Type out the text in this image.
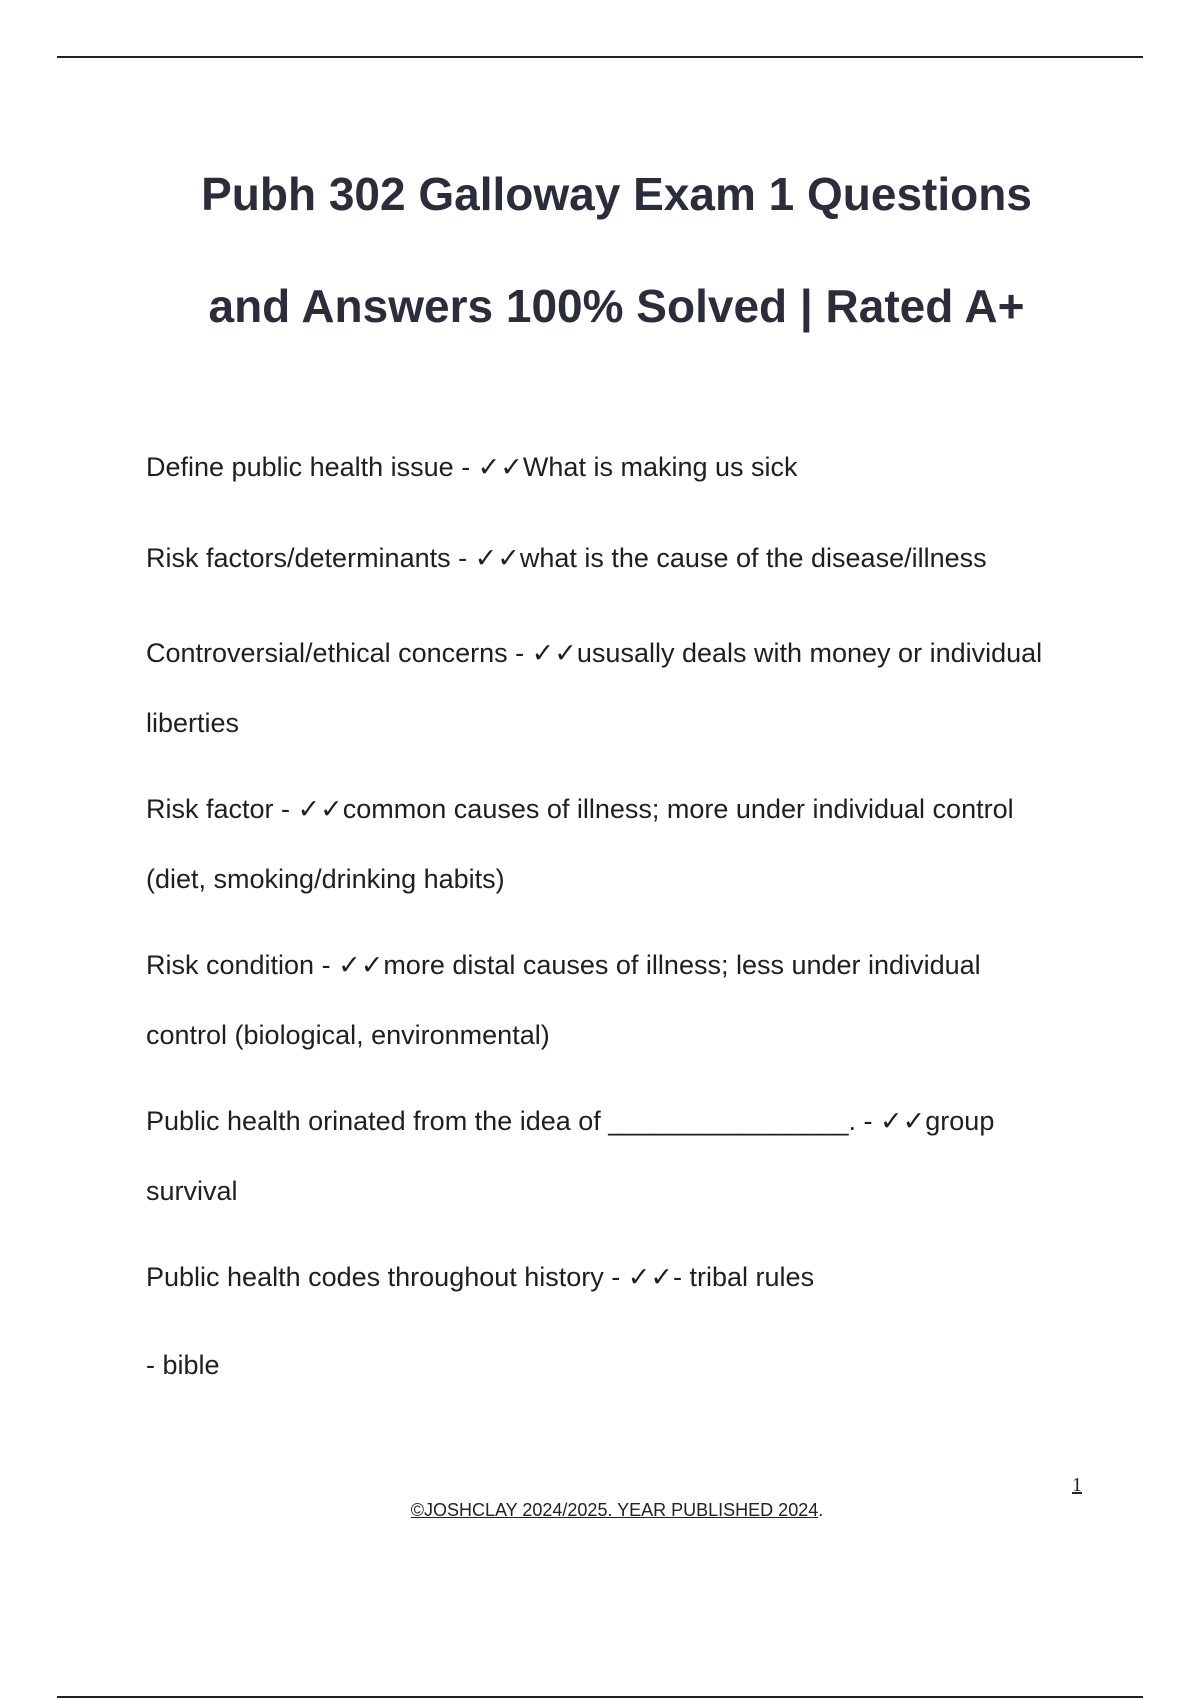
Pubh 302 Galloway Exam 1 Questions
and Answers 100% Solved | Rated A+
Define public health issue - ✓✓What is making us sick
Risk factors/determinants - ✓✓what is the cause of the disease/illness
Controversial/ethical concerns - ✓✓ususally deals with money or individual
liberties
Risk factor - ✓✓common causes of illness; more under individual control
(diet, smoking/drinking habits)
Risk condition - ✓✓more distal causes of illness; less under individual
control (biological, environmental)
Public health orinated from the idea of ________________. - ✓✓group
survival
Public health codes throughout history - ✓✓- tribal rules
- bible
1
©JOSHCLAY 2024/2025. YEAR PUBLISHED 2024.
